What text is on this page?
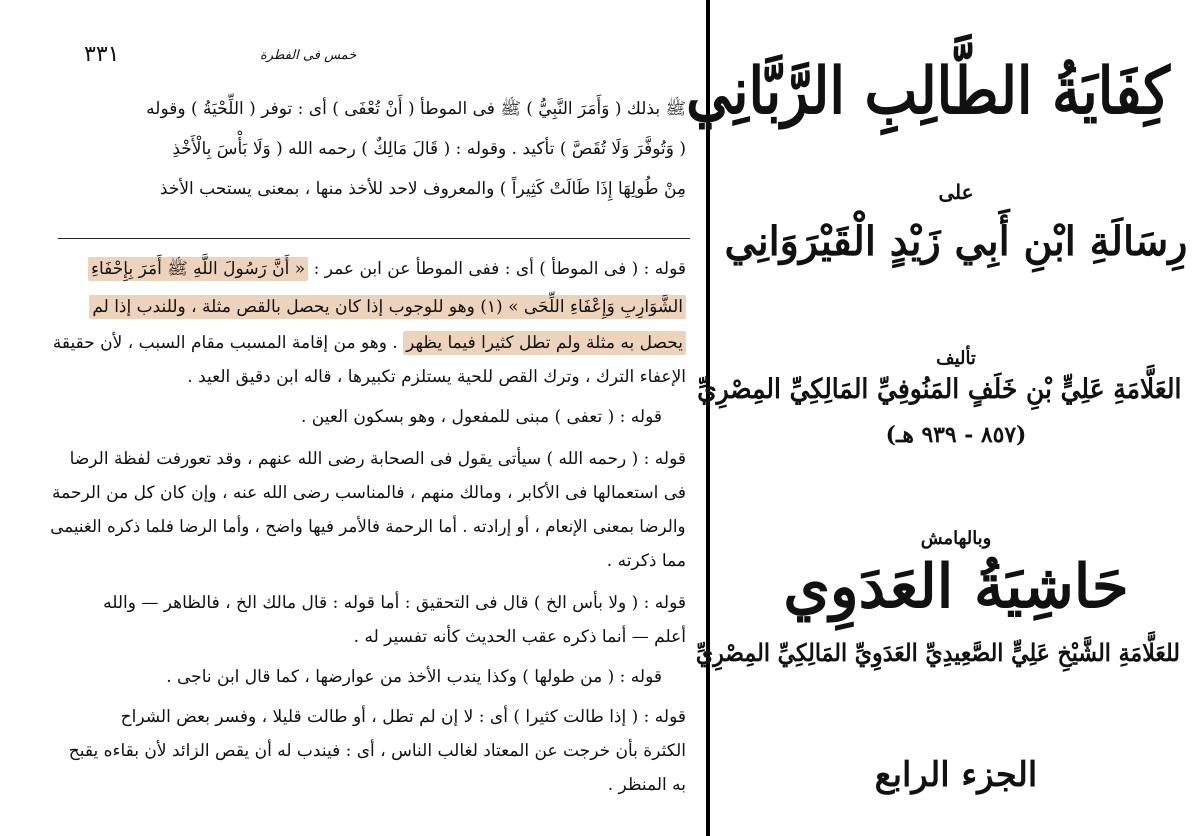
٣٣١	خمس فى الفطرة
ﷺ بذلك ( وَأَمَرَ النَّبِيُّ ) ﷺ فى الموطأ ( أَنْ تُعْفَى ) أى : توفر ( اللِّحْيَةُ ) وقوله
( وَتُوفَّرَ وَلَا تُقَصَّ ) تأكيد . وقوله : ( قَالَ مَالِكٌ ) رحمه الله ( وَلَا بَأْسَ بِالْأَخْذِ
مِنْ طُولِهَا إِذَا طَالَتْ كَثِيراً ) والمعروف لاحد للأخذ منها ، بمعنى يستحب الأخذ
قوله : ( فى الموطأ ) أى : ففى الموطأ عن ابن عمر : « أَنَّ رَسُولَ اللَّهِ ﷺ أَمَرَ بِإِحْفَاءِ
الشَّوَارِبِ وَإِعْفَاءِ اللِّحَى » (١) وهو للوجوب إذا كان يحصل بالقص مثلة ، وللندب إذا لم
يحصل به مثلة ولم تطل كثيرا فيما يظهر . وهو من إقامة المسبب مقام السبب ، لأن حقيقة
الإعفاء الترك ، وترك القص للحية يستلزم تكبيرها ، قاله ابن دقيق العيد .
قوله : ( تعفى ) مبنى للمفعول ، وهو بسكون العين .
قوله : ( رحمه الله ) سيأتى يقول فى الصحابة رضى الله عنهم ، وقد تعورفت لفظة الرضا
فى استعمالها فى الأكابر ، ومالك منهم ، فالمناسب رضى الله عنه ، وإن كان كل من الرحمة
والرضا بمعنى الإنعام ، أو إرادته . أما الرحمة فالأمر فيها واضح ، وأما الرضا فلما ذكره الغنيمى
مما ذكرته .
قوله : ( ولا بأس الخ ) قال فى التحقيق : أما قوله : قال مالك الخ ، فالظاهر — والله
أعلم — أنما ذكره عقب الحديث كأنه تفسير له .
قوله : ( من طولها ) وكذا يندب الأخذ من عوارضها ، كما قال ابن ناجى .
قوله : ( إذا طالت كثيرا ) أى : لا إن لم تطل ، أو طالت قليلا ، وفسر بعض الشراح
الكثرة بأن خرجت عن المعتاد لغالب الناس ، أى : فيندب له أن يقص الزائد لأن بقاءه يقبح
به المنظر .
كِفَايَةُ الطَّالِبِ الرَّبَّانِي
على
رِسَالَةِ ابْنِ أَبِي زَيْدٍ الْقَيْرَوَانِي
تأليف
العَلَّامَةِ عَلِيٍّ بْنِ خَلَفٍ المَنُوفِيِّ المَالِكِيِّ المِصْرِيِّ
(٨٥٧ - ٩٣٩ هـ)
وبالهامش
حَاشِيَةُ العَدَوِي
للعَلَّامَةِ الشَّيْخِ عَلِيٍّ الصَّعِيدِيِّ العَدَوِيِّ المَالِكِيِّ المِصْرِيِّ
الجزء الرابع
